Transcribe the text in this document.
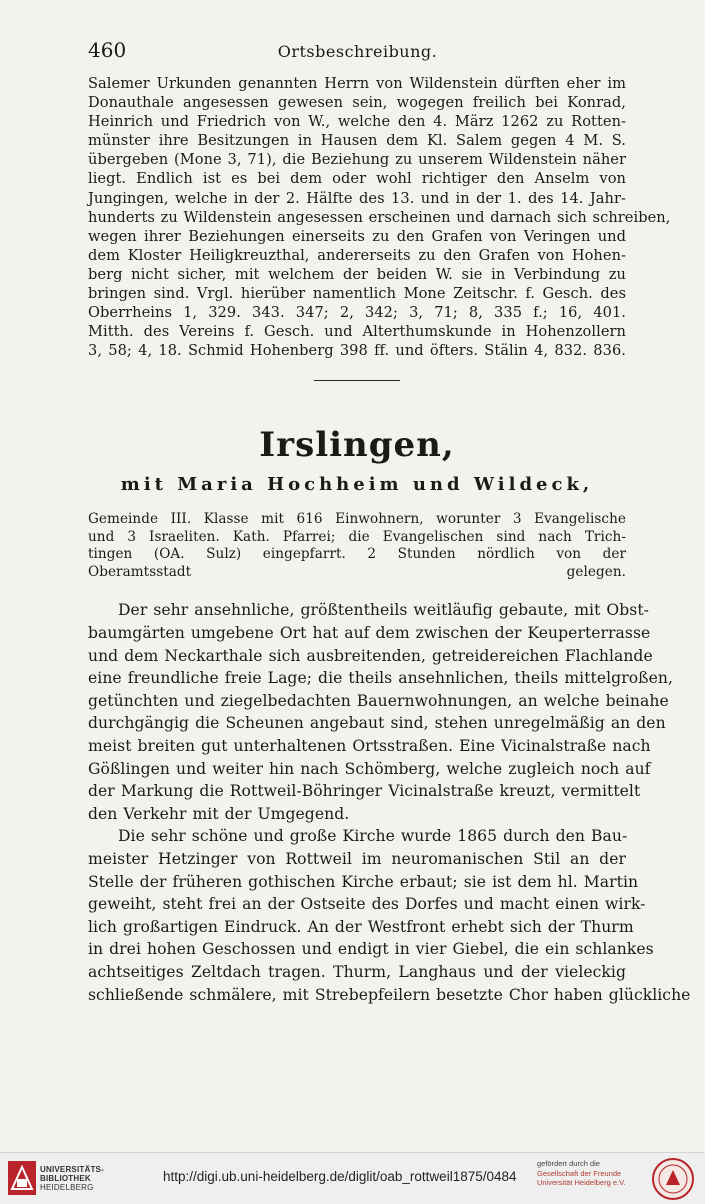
460	Ortsbeschreibung.

Salemer Urkunden genannten Herrn von Wildenstein dürften eher im
Donauthale angesessen gewesen sein, wogegen freilich bei Konrad,
Heinrich und Friedrich von W., welche den 4. März 1262 zu Rotten-
münster ihre Besitzungen in Hausen dem Kl. Salem gegen 4 M. S.
übergeben (Mone 3, 71), die Beziehung zu unserem Wildenstein näher
liegt. Endlich ist es bei dem oder wohl richtiger den Anselm von
Jungingen, welche in der 2. Hälfte des 13. und in der 1. des 14. Jahr-
hunderts zu Wildenstein angesessen erscheinen und darnach sich schreiben,
wegen ihrer Beziehungen einerseits zu den Grafen von Veringen und
dem Kloster Heiligkreuzthal, andererseits zu den Grafen von Hohen-
berg nicht sicher, mit welchem der beiden W. sie in Verbindung zu
bringen sind. Vrgl. hierüber namentlich Mone Zeitschr. f. Gesch. des
Oberrheins 1, 329. 343. 347; 2, 342; 3, 71; 8, 335 f.; 16, 401.
Mitth. des Vereins f. Gesch. und Alterthumskunde in Hohenzollern
3, 58; 4, 18. Schmid Hohenberg 398 ff. und öfters. Stälin 4, 832. 836.

Irslingen,
mit Maria Hochheim und Wildeck,

Gemeinde III. Klasse mit 616 Einwohnern, worunter 3 Evangelische
und 3 Israeliten. Kath. Pfarrei; die Evangelischen sind nach Trich-
tingen (OA. Sulz) eingepfarrt. 2 Stunden nördlich von der
Oberamtsstadt gelegen.

Der sehr ansehnliche, größtentheils weitläufig gebaute, mit Obst-
baumgärten umgebene Ort hat auf dem zwischen der Keuperterrasse
und dem Neckarthale sich ausbreitenden, getreidereichen Flachlande
eine freundliche freie Lage; die theils ansehnlichen, theils mittelgroßen,
getünchten und ziegelbedachten Bauernwohnungen, an welche beinahe
durchgängig die Scheunen angebaut sind, stehen unregelmäßig an den
meist breiten gut unterhaltenen Ortsstraßen. Eine Vicinalstraße nach
Gößlingen und weiter hin nach Schömberg, welche zugleich noch auf
der Markung die Rottweil-Böhringer Vicinalstraße kreuzt, vermittelt
den Verkehr mit der Umgegend.

Die sehr schöne und große Kirche wurde 1865 durch den Bau-
meister Hetzinger von Rottweil im neuromanischen Stil an der
Stelle der früheren gothischen Kirche erbaut; sie ist dem hl. Martin
geweiht, steht frei an der Ostseite des Dorfes und macht einen wirk-
lich großartigen Eindruck. An der Westfront erhebt sich der Thurm
in drei hohen Geschossen und endigt in vier Giebel, die ein schlankes
achtseitiges Zeltdach tragen. Thurm, Langhaus und der vieleckig
schließende schmälere, mit Strebepfeilern besetzte Chor haben glückliche

UNIVERSITÄTS-
BIBLIOTHEK
HEIDELBERG
http://digi.ub.uni-heidelberg.de/diglit/oab_rottweil1875/0484
gefördert durch die
Gesellschaft der Freunde
Universität Heidelberg e.V.
